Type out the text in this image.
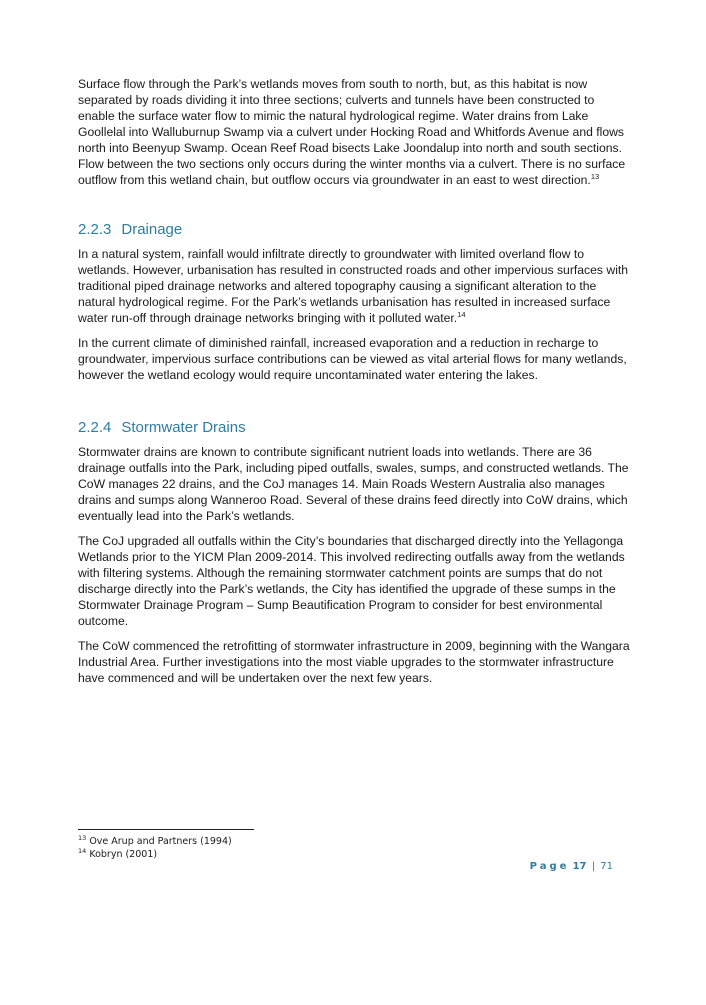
Surface flow through the Park’s wetlands moves from south to north, but, as this habitat is now separated by roads dividing it into three sections; culverts and tunnels have been constructed to enable the surface water flow to mimic the natural hydrological regime. Water drains from Lake Goollelal into Walluburnup Swamp via a culvert under Hocking Road and Whitfords Avenue and flows north into Beenyup Swamp. Ocean Reef Road bisects Lake Joondalup into north and south sections. Flow between the two sections only occurs during the winter months via a culvert. There is no surface outflow from this wetland chain, but outflow occurs via groundwater in an east to west direction.$^{13}$

2.2.3 Drainage

In a natural system, rainfall would infiltrate directly to groundwater with limited overland flow to wetlands. However, urbanisation has resulted in constructed roads and other impervious surfaces with traditional piped drainage networks and altered topography causing a significant alteration to the natural hydrological regime. For the Park’s wetlands urbanisation has resulted in increased surface water run-off through drainage networks bringing with it polluted water.$^{14}$

In the current climate of diminished rainfall, increased evaporation and a reduction in recharge to groundwater, impervious surface contributions can be viewed as vital arterial flows for many wetlands, however the wetland ecology would require uncontaminated water entering the lakes.

2.2.4 Stormwater Drains

Stormwater drains are known to contribute significant nutrient loads into wetlands. There are 36 drainage outfalls into the Park, including piped outfalls, swales, sumps, and constructed wetlands. The CoW manages 22 drains, and the CoJ manages 14. Main Roads Western Australia also manages drains and sumps along Wanneroo Road. Several of these drains feed directly into CoW drains, which eventually lead into the Park’s wetlands.

The CoJ upgraded all outfalls within the City’s boundaries that discharged directly into the Yellagonga Wetlands prior to the YICM Plan 2009-2014. This involved redirecting outfalls away from the wetlands with filtering systems. Although the remaining stormwater catchment points are sumps that do not discharge directly into the Park’s wetlands, the City has identified the upgrade of these sumps in the Stormwater Drainage Program – Sump Beautification Program to consider for best environmental outcome.

The CoW commenced the retrofitting of stormwater infrastructure in 2009, beginning with the Wangara Industrial Area. Further investigations into the most viable upgrades to the stormwater infrastructure have commenced and will be undertaken over the next few years.

$^{13}$ Ove Arup and Partners (1994)
$^{14}$ Kobryn (2001)
Page 17 | 71
